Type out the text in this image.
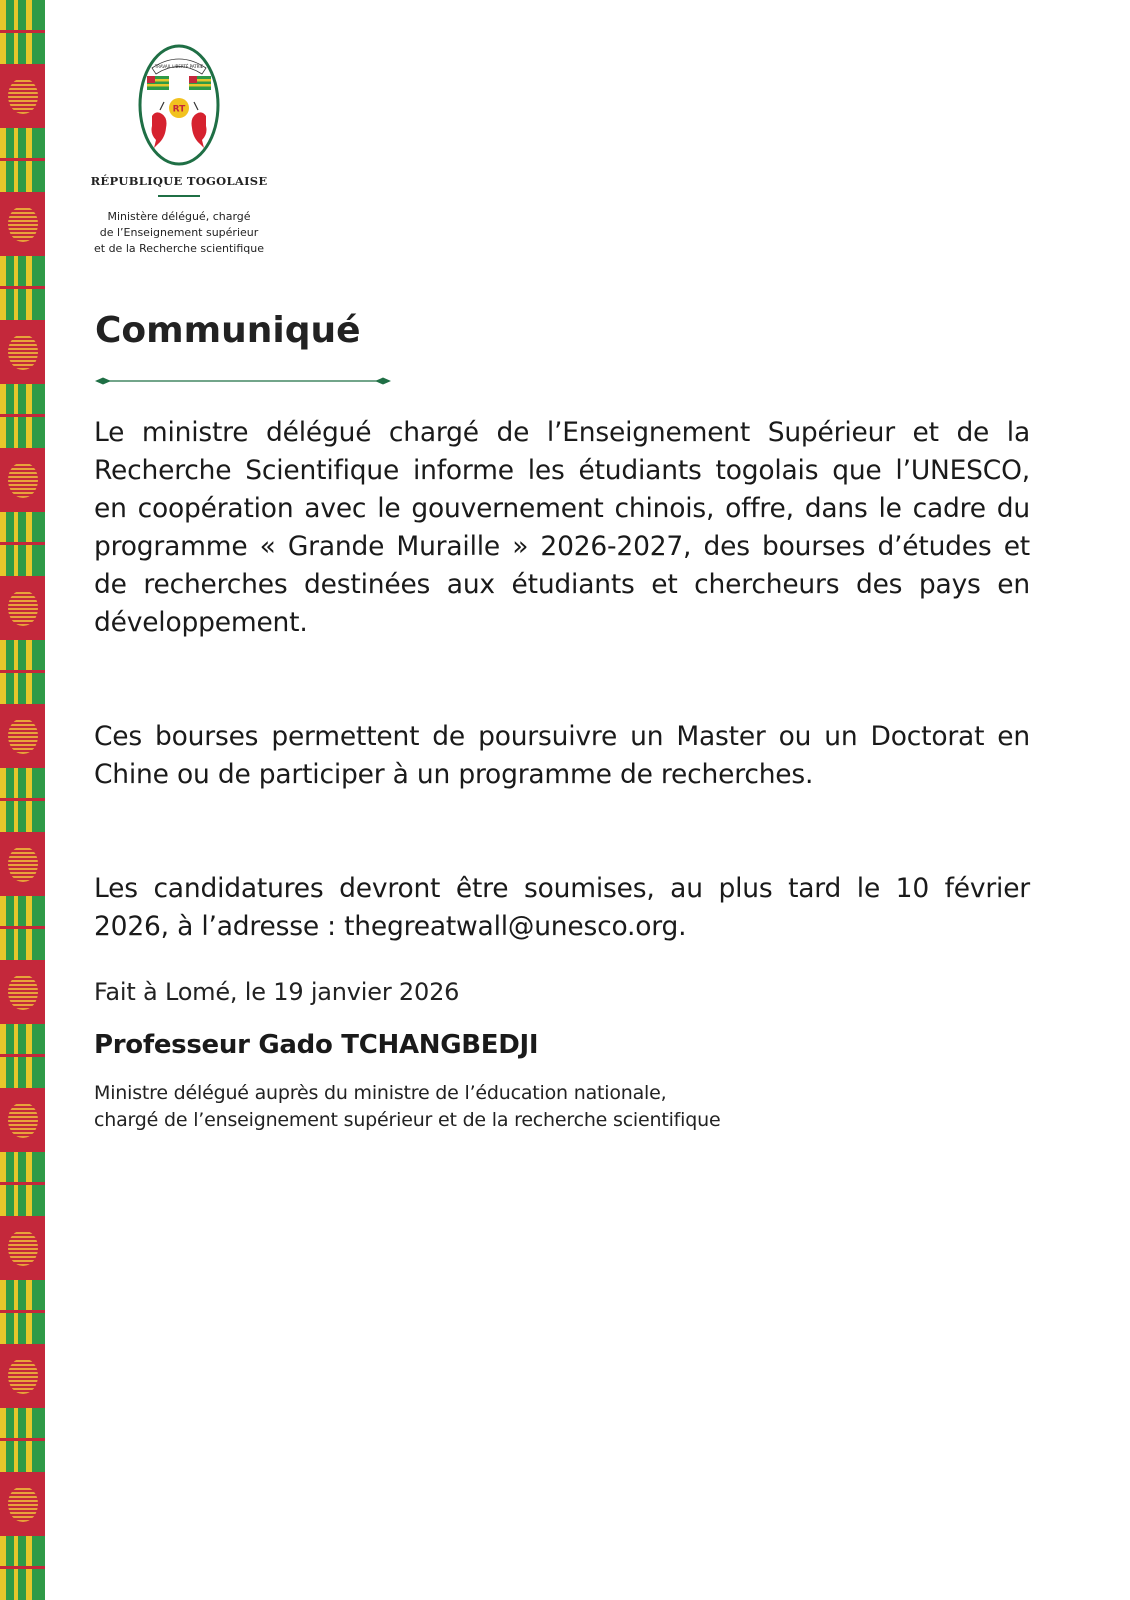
TRAVAIL LIBERTÉ PATRIE
RT
RÉPUBLIQUE TOGOLAISE
Ministère délégué, chargé
de l’Enseignement supérieur
et de la Recherche scientifique
Communiqué

Le ministre délégué chargé de l’Enseignement Supérieur et de la Recherche Scientifique informe les étudiants togolais que l’UNESCO, en coopération avec le gouvernement chinois, offre, dans le cadre du programme « Grande Muraille » 2026-2027, des bourses d’études et de recherches destinées aux étudiants et chercheurs des pays en développement.

Ces bourses permettent de poursuivre un Master ou un Doctorat en Chine ou de participer à un programme de recherches.

Les candidatures devront être soumises, au plus tard le 10 février 2026, à l’adresse : thegreatwall@unesco.org.

Fait à Lomé, le 19 janvier 2026
Professeur Gado TCHANGBEDJI
Ministre délégué auprès du ministre de l’éducation nationale,
chargé de l’enseignement supérieur et de la recherche scientifique
